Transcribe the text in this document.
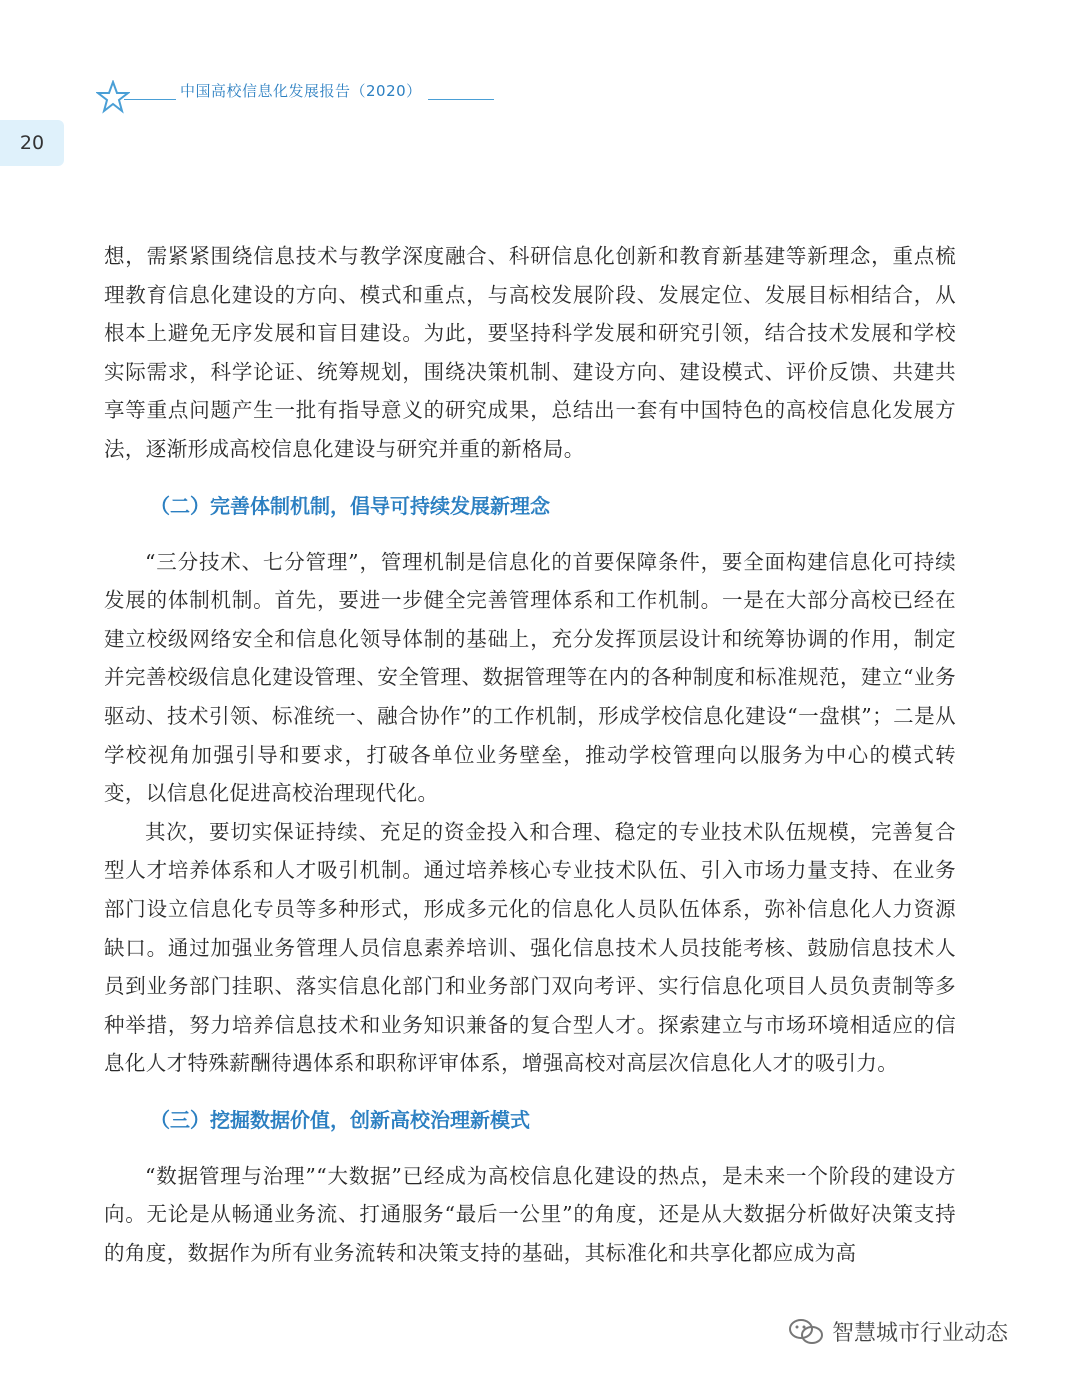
中国高校信息化发展报告（2020）
20

想，需紧紧围绕信息技术与教学深度融合、科研信息化创新和教育新基建等新理念，重点梳理教育信息化建设的方向、模式和重点，与高校发展阶段、发展定位、发展目标相结合，从根本上避免无序发展和盲目建设。为此，要坚持科学发展和研究引领，结合技术发展和学校实际需求，科学论证、统筹规划，围绕决策机制、建设方向、建设模式、评价反馈、共建共享等重点问题产生一批有指导意义的研究成果，总结出一套有中国特色的高校信息化发展方法，逐渐形成高校信息化建设与研究并重的新格局。

（二）完善体制机制，倡导可持续发展新理念

“三分技术、七分管理”，管理机制是信息化的首要保障条件，要全面构建信息化可持续发展的体制机制。首先，要进一步健全完善管理体系和工作机制。一是在大部分高校已经在建立校级网络安全和信息化领导体制的基础上，充分发挥顶层设计和统筹协调的作用，制定并完善校级信息化建设管理、安全管理、数据管理等在内的各种制度和标准规范，建立“业务驱动、技术引领、标准统一、融合协作”的工作机制，形成学校信息化建设“一盘棋”；二是从学校视角加强引导和要求，打破各单位业务壁垒，推动学校管理向以服务为中心的模式转变，以信息化促进高校治理现代化。

其次，要切实保证持续、充足的资金投入和合理、稳定的专业技术队伍规模，完善复合型人才培养体系和人才吸引机制。通过培养核心专业技术队伍、引入市场力量支持、在业务部门设立信息化专员等多种形式，形成多元化的信息化人员队伍体系，弥补信息化人力资源缺口。通过加强业务管理人员信息素养培训、强化信息技术人员技能考核、鼓励信息技术人员到业务部门挂职、落实信息化部门和业务部门双向考评、实行信息化项目人员负责制等多种举措，努力培养信息技术和业务知识兼备的复合型人才。探索建立与市场环境相适应的信息化人才特殊薪酬待遇体系和职称评审体系，增强高校对高层次信息化人才的吸引力。

（三）挖掘数据价值，创新高校治理新模式

“数据管理与治理”“大数据”已经成为高校信息化建设的热点，是未来一个阶段的建设方向。无论是从畅通业务流、打通服务“最后一公里”的角度，还是从大数据分析做好决策支持的角度，数据作为所有业务流转和决策支持的基础，其标准化和共享化都应成为高

智慧城市行业动态
